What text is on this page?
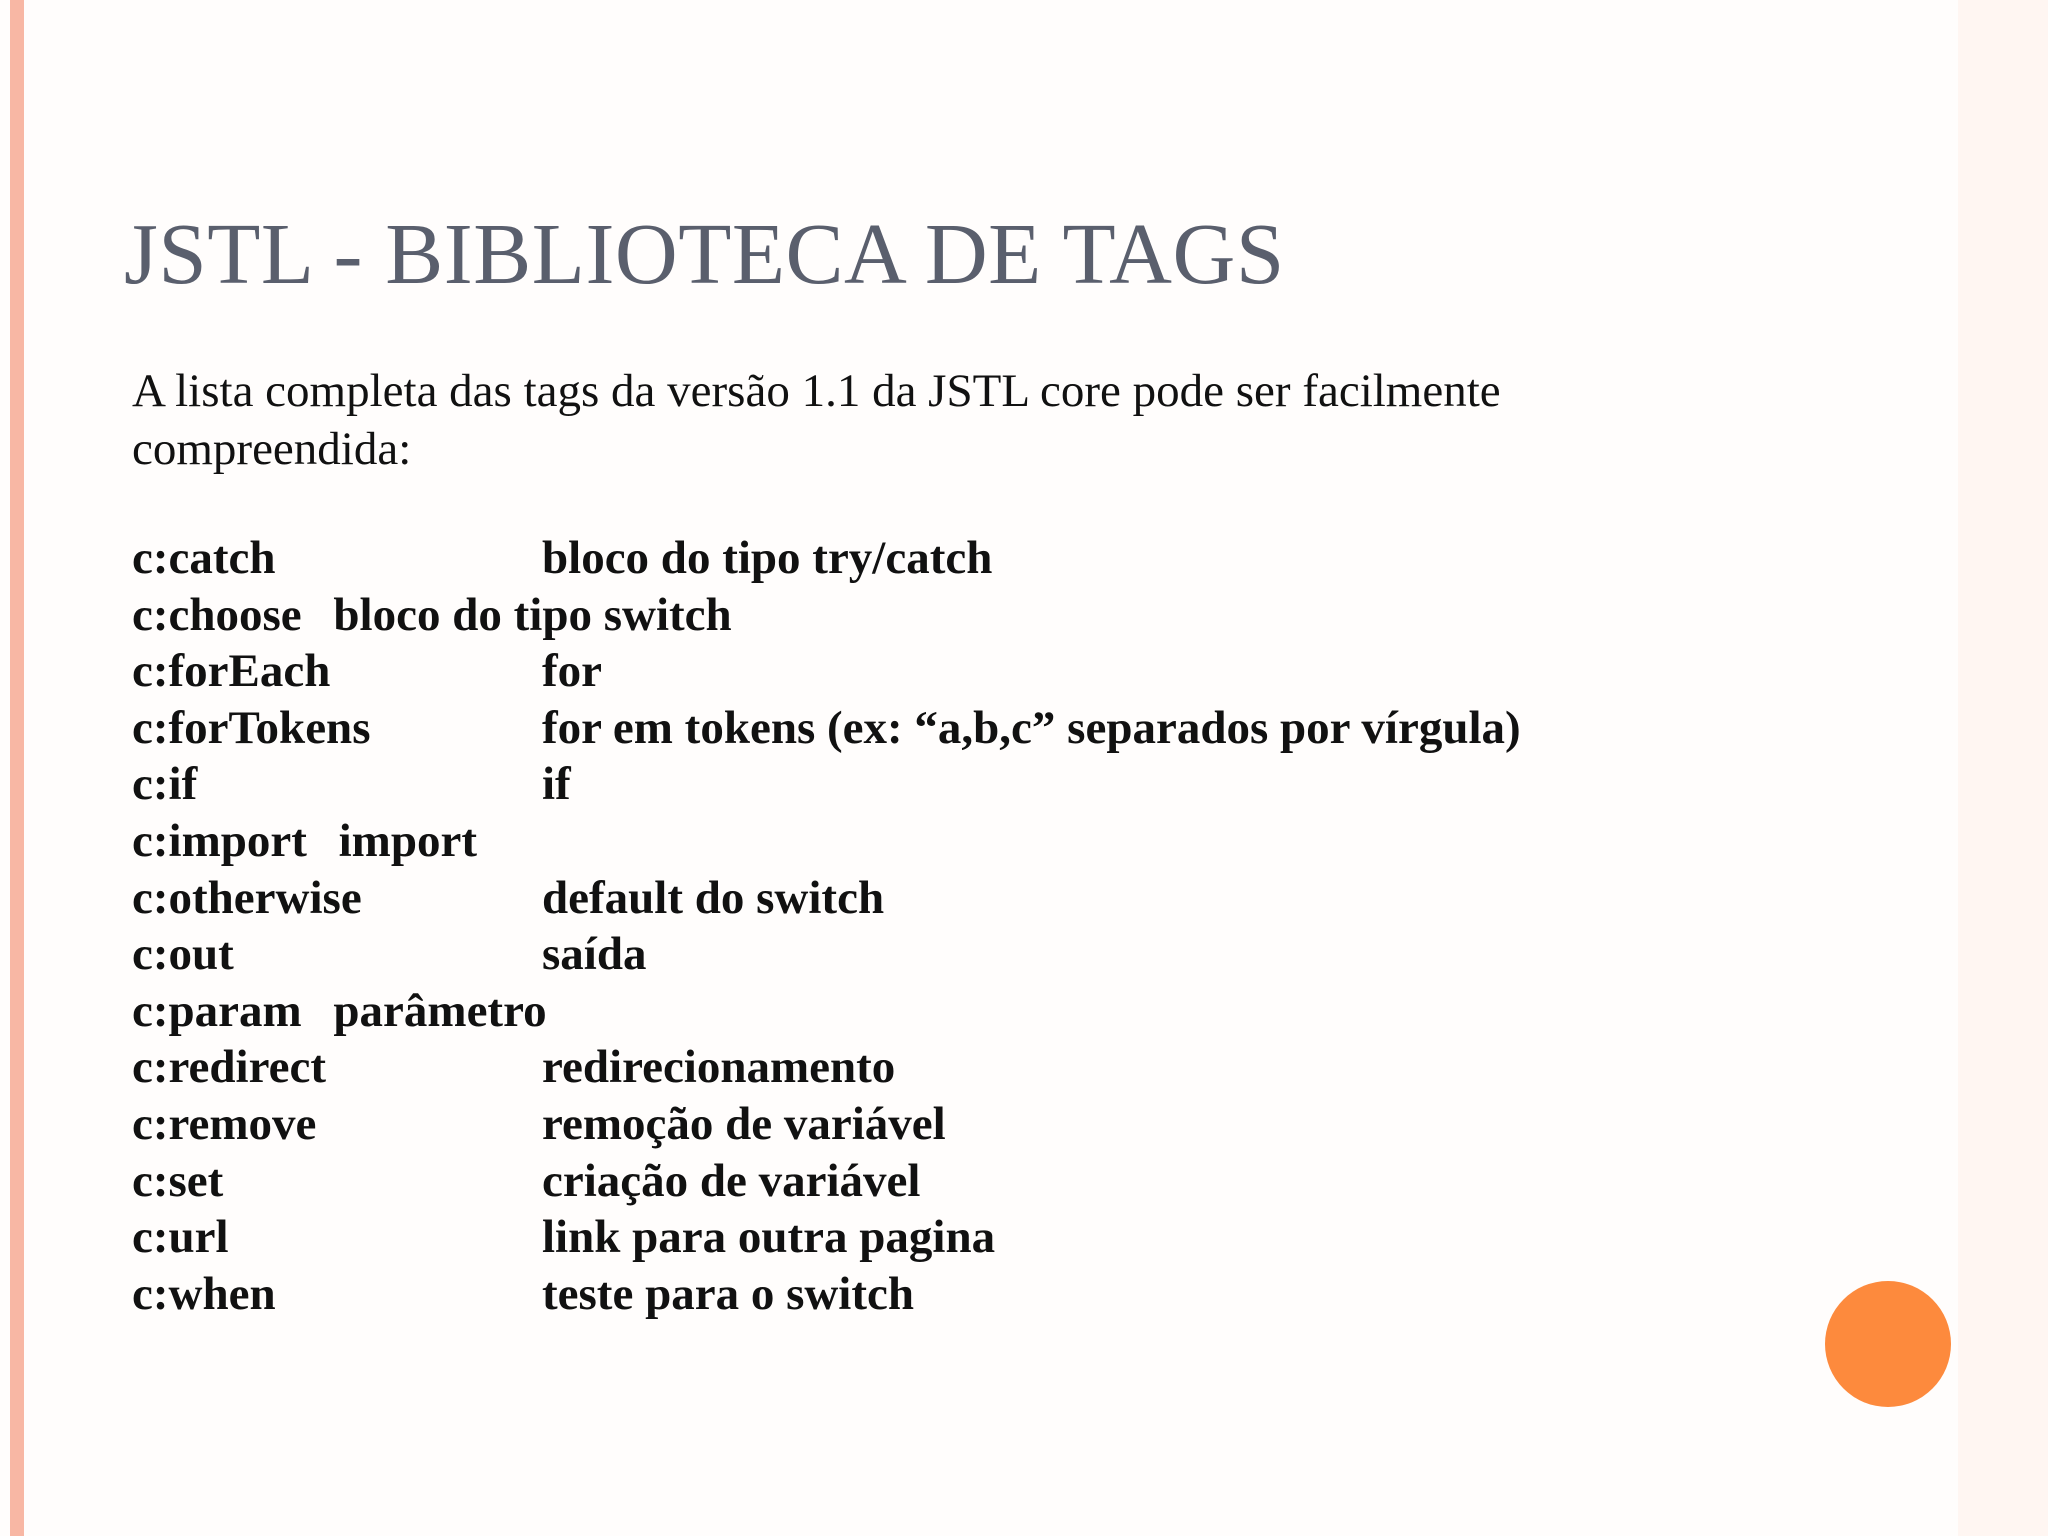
JSTL - BIBLIOTECA DE TAGS
A lista completa das tags da versão 1.1 da JSTL core pode ser facilmente compreendida:
c:catch	bloco do tipo try/catch
c:choose bloco do tipo switch
c:forEach	for
c:forTokens	for em tokens (ex: “a,b,c” separados por vírgula)
c:if	if
c:import import
c:otherwise	default do switch
c:out	saída
c:param parâmetro
c:redirect	redirecionamento
c:remove	remoção de variável
c:set	criação de variável
c:url	link para outra pagina
c:when	teste para o switch
